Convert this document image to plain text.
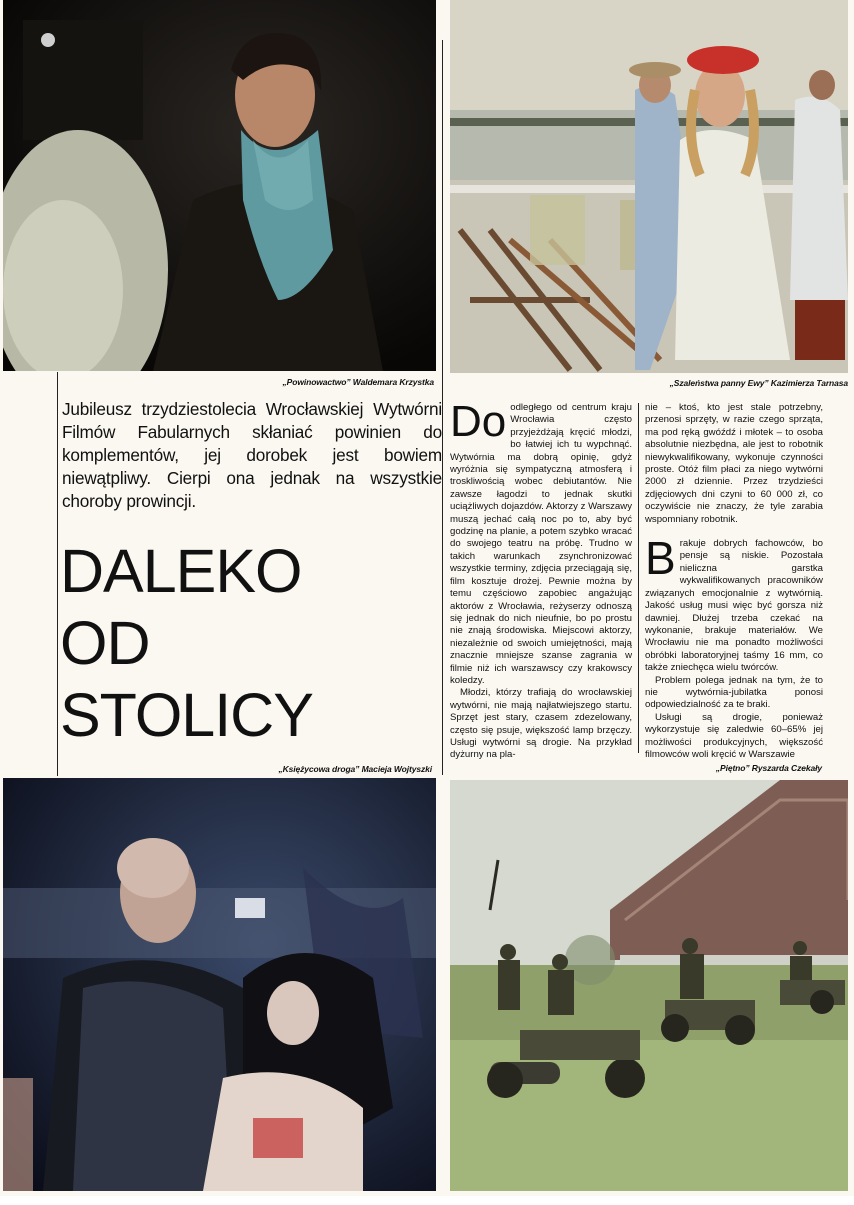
„Powinowactwo” Waldemara Krzystka	„Szaleństwa panny Ewy” Kazimierza Tarnasa
Jubileusz trzydziestolecia Wrocławskiej Wytwórni Filmów Fabularnych skłaniać powinien do komplementów, jej dorobek jest bowiem niewątpliwy. Cierpi ona jednak na wszystkie choroby prowincji.
DALEKO
OD
STOLICY
Do odległego od centrum kraju Wrocławia często przyjeżdżają kręcić młodzi, bo łatwiej ich tu wypchnąć. Wytwórnia ma dobrą opinię, gdyż wyróżnia się sympatyczną atmosferą i troskliwością wobec debiutantów. Nie zawsze łagodzi to jednak skutki uciążliwych dojazdów. Aktorzy z Warszawy muszą jechać całą noc po to, aby być godzinę na planie, a potem szybko wracać do swojego teatru na próbę. Trudno w takich warunkach zsynchronizować wszystkie terminy, zdjęcia przeciągają się, film kosztuje drożej. Pewnie można by temu częściowo zapobiec angażując aktorów z Wrocławia, reżyserzy odnoszą się jednak do nich nieufnie, bo po prostu nie znają środowiska. Miejscowi aktorzy, niezależnie od swoich umiejętności, mają znacznie mniejsze szanse zagrania w filmie niż ich warszawscy czy krakowscy koledzy.

Młodzi, którzy trafiają do wrocławskiej wytwórni, nie mają najłatwiejszego startu. Sprzęt jest stary, czasem zdezelowany, często się psuje, większość lamp brzęczy. Usługi wytwórni są drogie. Na przykład dyżurny na pla-

nie – ktoś, kto jest stale potrzebny, przenosi sprzęty, w razie czego sprząta, ma pod ręką gwóźdź i młotek – to osoba absolutnie niezbędna, ale jest to robotnik niewykwalifikowany, wykonuje czynności proste. Otóż film płaci za niego wytwórni 2000 zł dziennie. Przez trzydzieści zdjęciowych dni czyni to 60 000 zł, co oczywiście nie znaczy, że tyle zarabia wspomniany robotnik.

B rakuje dobrych fachowców, bo pensje są niskie. Pozostała nieliczna garstka wykwalifikowanych pracowników związanych emocjonalnie z wytwórnią. Jakość usług musi więc być gorsza niż dawniej. Dłużej trzeba czekać na wykonanie, brakuje materiałów. We Wrocławiu nie ma ponadto możliwości obróbki laboratoryjnej taśmy 16 mm, co także zniechęca wielu twórców.

Problem polega jednak na tym, że to nie wytwórnia-jubilatka ponosi odpowiedzialność za te braki.

Usługi są drogie, ponieważ wykorzystuje się zaledwie 60–65% jej możliwości produkcyjnych, większość filmowców woli kręcić w Warszawie

„Księżycowa droga” Macieja Wojtyszki	„Piętno” Ryszarda Czekały
